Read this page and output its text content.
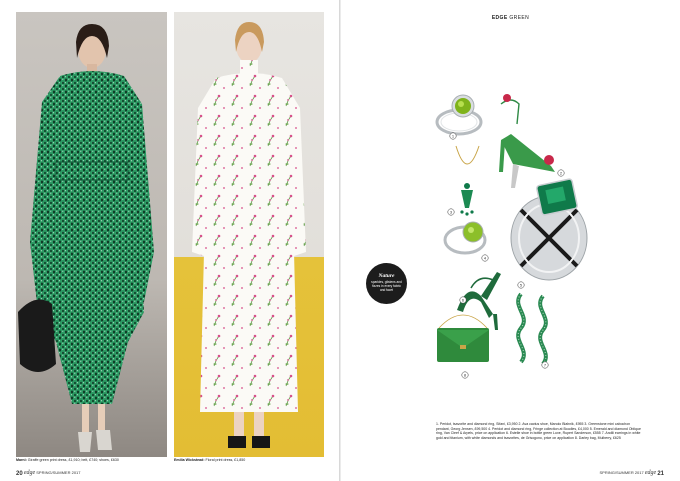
Marni: Giraffe green print dress, £1,910; belt, £740; shoes, £630	Emilia Wickstead: Floral print dress, £1,850
20 edge SPRING/SUMMER 2017
EDGE GREEN
1
2
3
4
5
6
7
8
Nature
sparkles, glistens and fizzes in every fabric and facet
1. Peridot, tsavorite and diamond ring, Sifani, £3,950 2. Ava cactus shoe, Manolo Blahnik, £955 3. Greenstone mini cabochon pendant, Georg Jensen, £99,500 4. Peridot and diamond ring, Fringe collection at Boodles, £4,000 5. Emerald and diamond Oblique ring, Van Cleef & Arpels, price on application 6. Estelle shoe in bottle green Luxe, Rupert Sanderson, £555 7. Andili earrings in white gold and titanium, with white diamonds and tsavorites, de Grisogono, price on application 8. Darley bag, Mulberry, £625
SPRING/SUMMER 2017 edge 21
